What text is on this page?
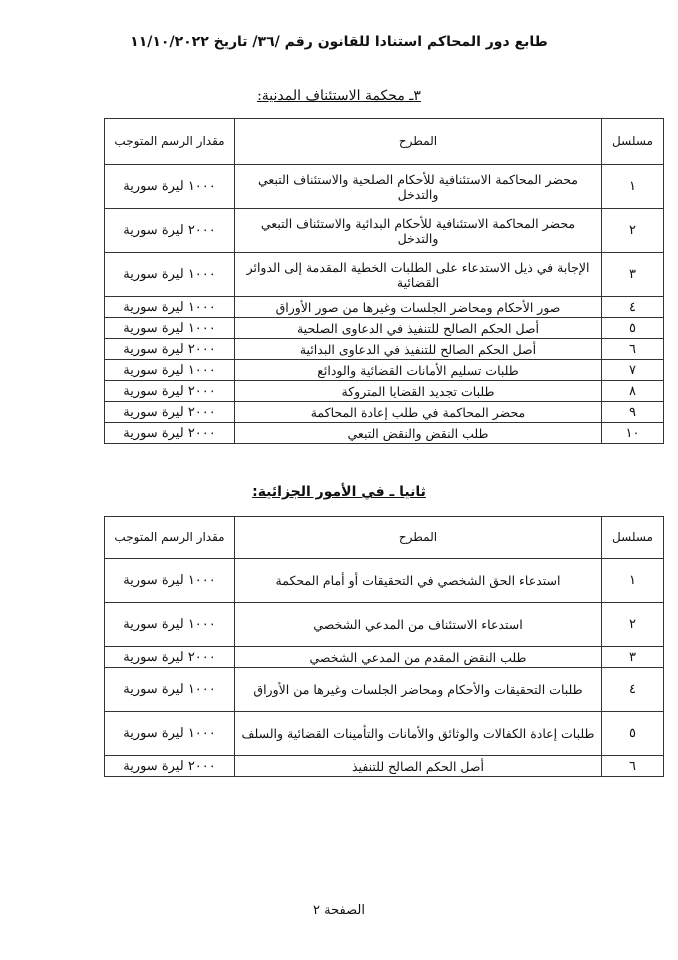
طابع دور المحاكم استنادا للقانون رقم /٣٦/ تاريخ ١١/١٠/٢٠٢٢
٣ـ محكمة الاستئناف المدنية:
مسلسل	المطرح	مقدار الرسم المتوجب
١	محضر المحاكمة الاستئنافية للأحكام الصلحية والاستئناف التبعي والتدخل	١٠٠٠ ليرة سورية
٢	محضر المحاكمة الاستئنافية للأحكام البدائية والاستئناف التبعي والتدخل	٢٠٠٠ ليرة سورية
٣	الإجابة في ذيل الاستدعاء على الطلبات الخطية المقدمة إلى الدوائر القضائية	١٠٠٠ ليرة سورية
٤	صور الأحكام ومحاضر الجلسات وغيرها من صور الأوراق	١٠٠٠ ليرة سورية
٥	أصل الحكم الصالح للتنفيذ في الدعاوى الصلحية	١٠٠٠ ليرة سورية
٦	أصل الحكم الصالح للتنفيذ في الدعاوى البدائية	٢٠٠٠ ليرة سورية
٧	طلبات تسليم الأمانات القضائية والودائع	١٠٠٠ ليرة سورية
٨	طلبات تجديد القضايا المتروكة	٢٠٠٠ ليرة سورية
٩	محضر المحاكمة في طلب إعادة المحاكمة	٢٠٠٠ ليرة سورية
١٠	طلب النقض والنقض التبعي	٢٠٠٠ ليرة سورية
ثانيا ـ في الأمور الجزائية:
مسلسل	المطرح	مقدار الرسم المتوجب
١	استدعاء الحق الشخصي في التحقيقات أو أمام المحكمة	١٠٠٠ ليرة سورية
٢	استدعاء الاستئناف من المدعي الشخصي	١٠٠٠ ليرة سورية
٣	طلب النقض المقدم من المدعي الشخصي	٢٠٠٠ ليرة سورية
٤	طلبات التحقيقات والأحكام ومحاضر الجلسات وغيرها من الأوراق	١٠٠٠ ليرة سورية
٥	طلبات إعادة الكفالات والوثائق والأمانات والتأمينات القضائية والسلف	١٠٠٠ ليرة سورية
٦	أصل الحكم الصالح للتنفيذ	٢٠٠٠ ليرة سورية
الصفحة ٢
